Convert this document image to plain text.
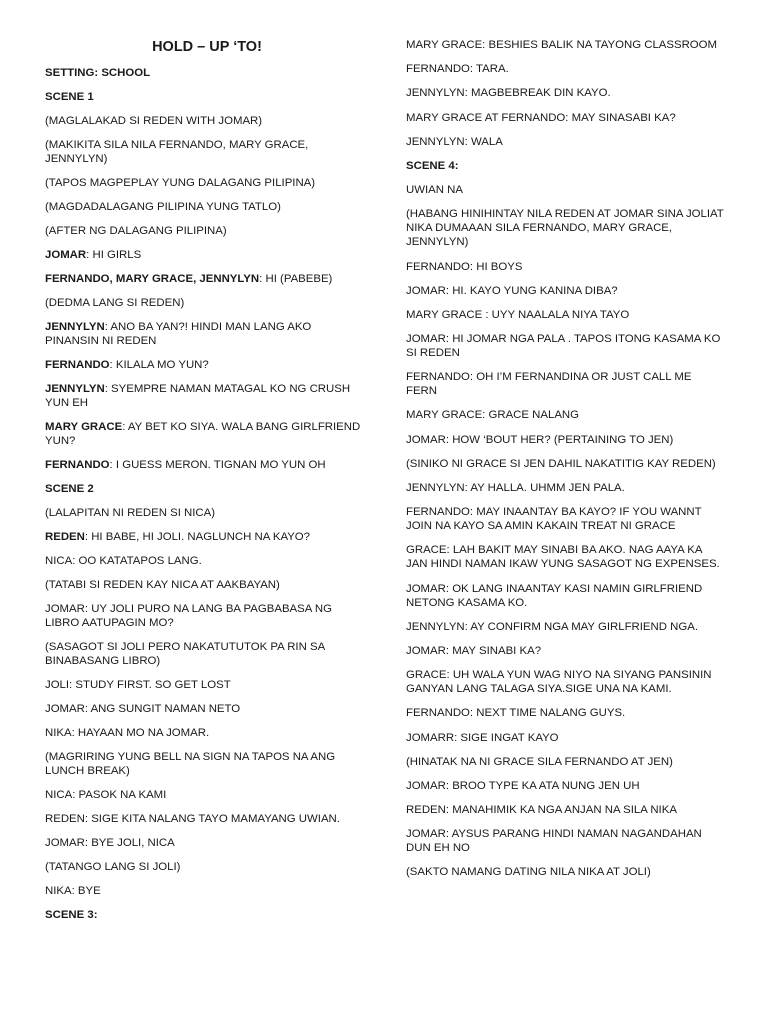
HOLD – UP ‘TO!
SETTING: SCHOOL
SCENE 1
(MAGLALAKAD SI REDEN WITH JOMAR)
(MAKIKITA SILA NILA FERNANDO, MARY GRACE, JENNYLYN)
(TAPOS MAGPEPLAY YUNG DALAGANG PILIPINA)
(MAGDADALAGANG PILIPINA YUNG TATLO)
(AFTER NG DALAGANG PILIPINA)
JOMAR: HI GIRLS
FERNANDO, MARY GRACE, JENNYLYN: HI (PABEBE)
(DEDMA LANG SI REDEN)
JENNYLYN: ANO BA YAN?! HINDI MAN LANG AKO PINANSIN NI REDEN
FERNANDO: KILALA MO YUN?
JENNYLYN: SYEMPRE NAMAN MATAGAL KO NG CRUSH YUN EH
MARY GRACE: AY BET KO SIYA. WALA BANG GIRLFRIEND YUN?
FERNANDO: I GUESS MERON. TIGNAN MO YUN OH
SCENE 2
(LALAPITAN NI REDEN SI NICA)
REDEN: HI BABE, HI JOLI. NAGLUNCH NA KAYO?
NICA: OO KATATAPOS LANG.
(TATABI SI REDEN KAY NICA AT AAKBAYAN)
JOMAR: UY JOLI PURO NA LANG BA PAGBABASA NG LIBRO AATUPAGIN MO?
(SASAGOT SI JOLI PERO NAKATUTUTOK PA RIN SA BINABASANG LIBRO)
JOLI: STUDY FIRST. SO GET LOST
JOMAR: ANG SUNGIT NAMAN NETO
NIKA: HAYAAN MO NA JOMAR.
(MAGRIRING YUNG BELL NA SIGN NA TAPOS NA ANG LUNCH BREAK)
NICA: PASOK NA KAMI
REDEN: SIGE KITA NALANG TAYO MAMAYANG UWIAN.
JOMAR: BYE JOLI, NICA
(TATANGO LANG SI JOLI)
NIKA: BYE
SCENE 3:
MARY GRACE: BESHIES BALIK NA TAYONG CLASSROOM
FERNANDO: TARA.
JENNYLYN: MAGBEBREAK DIN KAYO.
MARY GRACE AT FERNANDO: MAY SINASABI KA?
JENNYLYN: WALA
SCENE 4:
UWIAN NA
(HABANG HINIHINTAY NILA REDEN AT JOMAR SINA JOLIAT NIKA DUMAAAN SILA FERNANDO, MARY GRACE, JENNYLYN)
FERNANDO: HI BOYS
JOMAR: HI. KAYO YUNG KANINA DIBA?
MARY GRACE : UYY NAALALA NIYA TAYO
JOMAR: HI JOMAR NGA PALA . TAPOS ITONG KASAMA KO SI REDEN
FERNANDO: OH I’M FERNANDINA OR JUST CALL ME FERN
MARY GRACE: GRACE NALANG
JOMAR: HOW ‘BOUT HER? (PERTAINING TO JEN)
(SINIKO NI GRACE SI JEN DAHIL NAKATITIG KAY REDEN)
JENNYLYN: AY HALLA. UHMM JEN PALA.
FERNANDO: MAY INAANTAY BA KAYO? IF YOU WANNT JOIN NA KAYO SA AMIN KAKAIN TREAT NI GRACE
GRACE: LAH BAKIT MAY SINABI BA AKO. NAG AAYA KA JAN HINDI NAMAN IKAW YUNG SASAGOT NG EXPENSES.
JOMAR: OK LANG INAANTAY KASI NAMIN GIRLFRIEND NETONG KASAMA KO.
JENNYLYN: AY CONFIRM NGA MAY GIRLFRIEND NGA.
JOMAR: MAY SINABI KA?
GRACE: UH WALA YUN WAG NIYO NA SIYANG PANSININ GANYAN LANG TALAGA SIYA.SIGE UNA NA KAMI.
FERNANDO: NEXT TIME NALANG GUYS.
JOMARR: SIGE INGAT KAYO
(HINATAK NA NI GRACE SILA FERNANDO AT JEN)
JOMAR: BROO TYPE KA ATA NUNG JEN UH
REDEN: MANAHIMIK KA NGA ANJAN NA SILA NIKA
JOMAR: AYSUS PARANG HINDI NAMAN NAGANDAHAN DUN EH NO
(SAKTO NAMANG DATING NILA NIKA AT JOLI)
